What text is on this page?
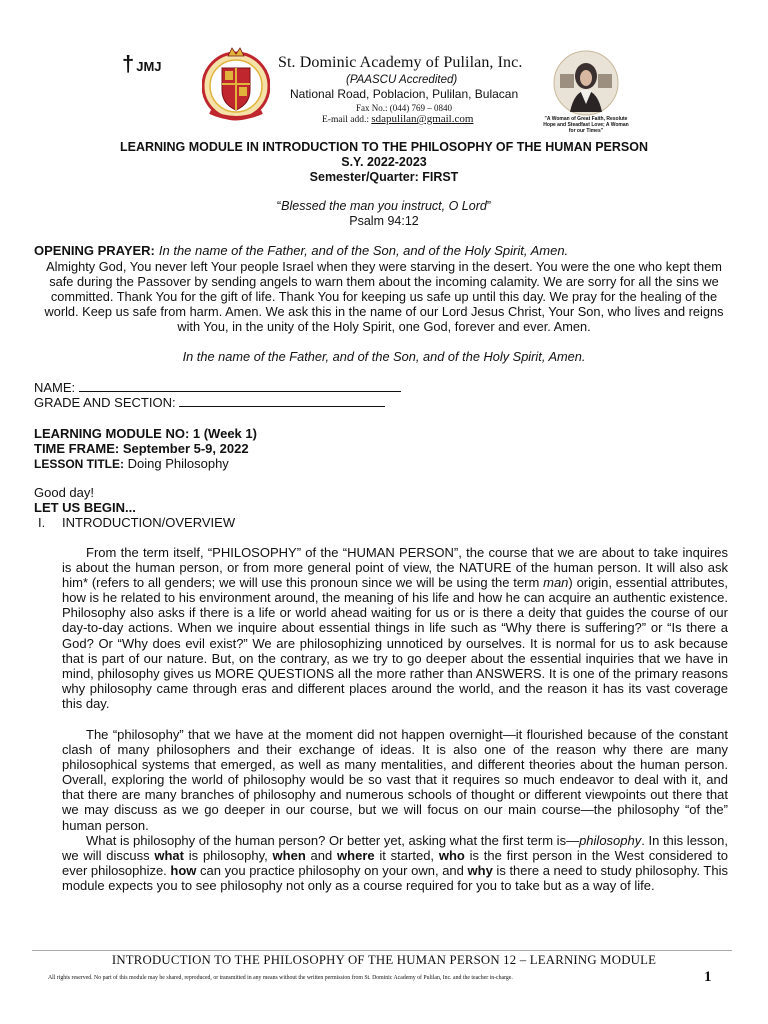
† JMJ	St. Dominic Academy of Pulilan, Inc.
(PAASCU Accredited)
National Road, Poblacion, Pulilan, Bulacan
Fax No.: (044) 769 – 0840
E-mail add.: sdapulilan@gmail.com	"A Woman of Great Faith, Resolute Hope and Steadfast Love; A Woman for our Times"
LEARNING MODULE IN INTRODUCTION TO THE PHILOSOPHY OF THE HUMAN PERSON
S.Y. 2022-2023
Semester/Quarter: FIRST
“Blessed the man you instruct, O Lord”
Psalm 94:12
OPENING PRAYER: In the name of the Father, and of the Son, and of the Holy Spirit, Amen.
Almighty God, You never left Your people Israel when they were starving in the desert. You were the one who kept them safe during the Passover by sending angels to warn them about the incoming calamity. We are sorry for all the sins we committed. Thank You for the gift of life. Thank You for keeping us safe up until this day. We pray for the healing of the world. Keep us safe from harm. Amen. We ask this in the name of our Lord Jesus Christ, Your Son, who lives and reigns with You, in the unity of the Holy Spirit, one God, forever and ever. Amen.
In the name of the Father, and of the Son, and of the Holy Spirit, Amen.
NAME:
GRADE AND SECTION:
LEARNING MODULE NO: 1 (Week 1)
TIME FRAME: September 5-9, 2022
LESSON TITLE: Doing Philosophy
Good day!
LET US BEGIN...
I. INTRODUCTION/OVERVIEW
From the term itself, “PHILOSOPHY” of the “HUMAN PERSON”, the course that we are about to take inquires is about the human person, or from more general point of view, the NATURE of the human person. It will also ask him* (refers to all genders; we will use this pronoun since we will be using the term man) origin, essential attributes, how is he related to his environment around, the meaning of his life and how he can acquire an authentic existence. Philosophy also asks if there is a life or world ahead waiting for us or is there a deity that guides the course of our day-to-day actions. When we inquire about essential things in life such as “Why there is suffering?” or “Is there a God? Or “Why does evil exist?” We are philosophizing unnoticed by ourselves. It is normal for us to ask because that is part of our nature. But, on the contrary, as we try to go deeper about the essential inquiries that we have in mind, philosophy gives us MORE QUESTIONS all the more rather than ANSWERS. It is one of the primary reasons why philosophy came through eras and different places around the world, and the reason it has its vast coverage this day.
The “philosophy” that we have at the moment did not happen overnight—it flourished because of the constant clash of many philosophers and their exchange of ideas. It is also one of the reason why there are many philosophical systems that emerged, as well as many mentalities, and different theories about the human person. Overall, exploring the world of philosophy would be so vast that it requires so much endeavor to deal with it, and that there are many branches of philosophy and numerous schools of thought or different viewpoints out there that we may discuss as we go deeper in our course, but we will focus on our main course—the philosophy “of the” human person.
What is philosophy of the human person? Or better yet, asking what the first term is—philosophy. In this lesson, we will discuss what is philosophy, when and where it started, who is the first person in the West considered to ever philosophize. how can you practice philosophy on your own, and why is there a need to study philosophy. This module expects you to see philosophy not only as a course required for you to take but as a way of life.
INTRODUCTION TO THE PHILOSOPHY OF THE HUMAN PERSON 12 – LEARNING MODULE
All rights reserved. No part of this module may be shared, reproduced, or transmitted in any means without the written permission from St. Dominic Academy of Pulilan, Inc. and the teacher in-charge.	1
